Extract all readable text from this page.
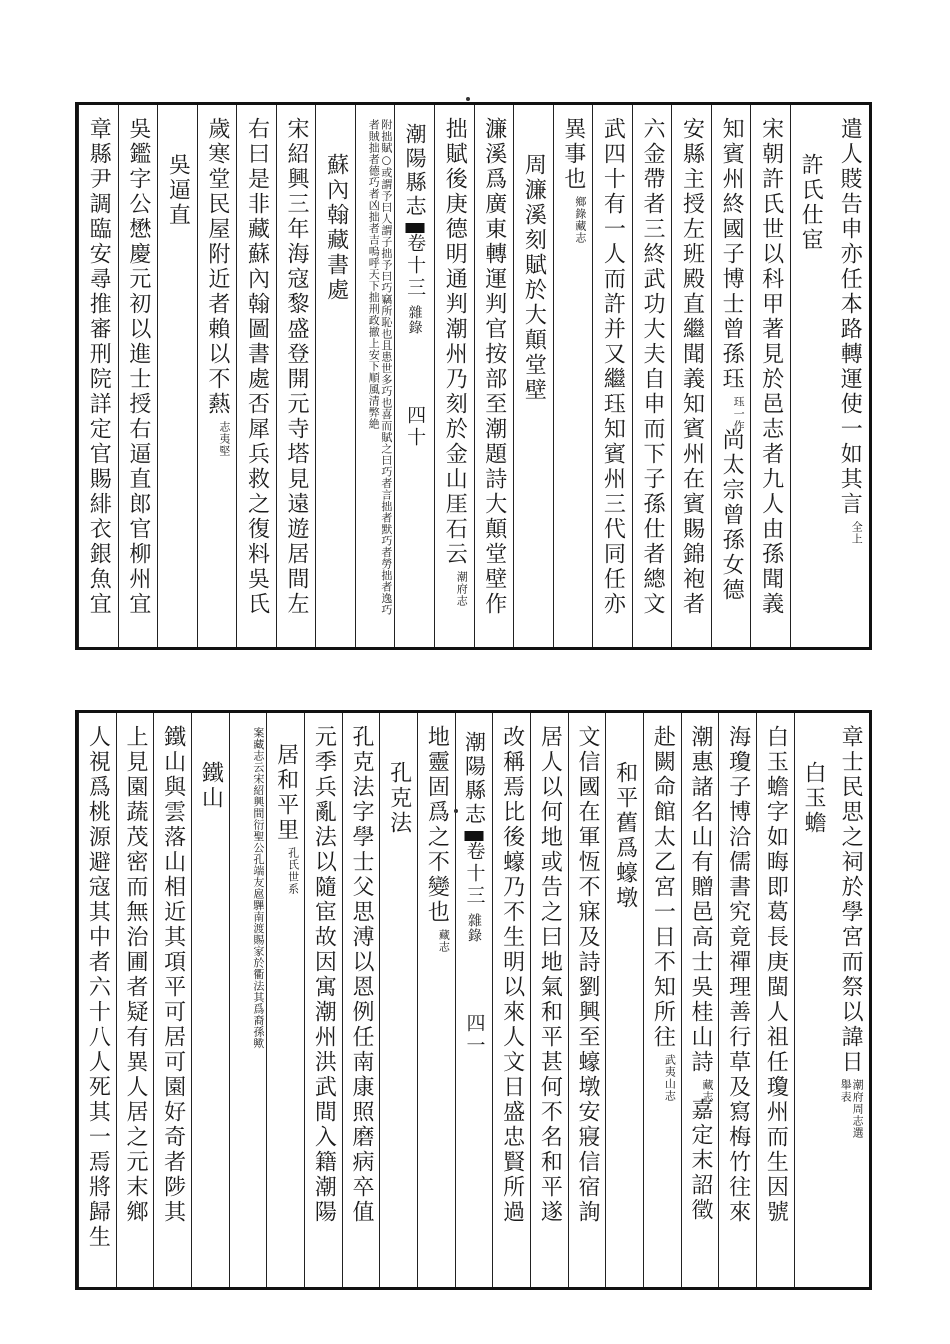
遣人䝸告申亦任本路轉運使一如其言
全上
許氏仕宦
宋朝許氏世以科甲著見於邑志者九人由孫聞義
知賓州終國子博士曾孫珏
珏一作
尚太宗曾孫女德
安縣主授左班殿直繼聞義知賓州在賓賜錦袍者
六金帶者三終武功大夫自申而下子孫仕者總文
武四十有一人而許并又繼珏知賓州三代同任亦
異事也
鄉錄藏志
周濂溪刻賦於大顛堂壁
濂溪爲廣東轉運判官按部至潮題詩大顛堂壁作
拙賦後庚德明通判潮州乃刻於金山厓石云
潮府志
潮陽縣志
卷十三
雜錄
四十
附拙賦○或謂予曰人謂子拙予曰巧竊所恥也且患世多巧也喜而賦之曰巧者言拙者默巧者勞拙者逸巧者賊拙者德巧者凶拙者吉嗚呼天下拙刑政撤上安下順風清弊絶
蘇內翰藏書處
宋紹興三年海寇黎盛登開元寺塔見遠遊居間左
右曰是非藏蘇內翰圖書處否犀兵救之復料吳氏
歲寒堂民屋附近者賴以不爇
志夷堅
吳逼直
吳鑑字公懋慶元初以進士授右逼直郎官柳州宜
章縣尹調臨安尋推審刑院詳定官賜緋衣銀魚宜
章士民思之祠於學宮而祭以諱日
潮府周志選舉表
白玉蟾
白玉蟾字如晦即葛長庚閩人祖任瓊州而生因號
海瓊子博洽儒書究竟禪理善行草及寫梅竹往來
潮惠諸名山有贈邑高士吳桂山詩
藏志
嘉定末詔徵
赴闕命館太乙宮一日不知所往
武夷山志
和平舊爲蠔墩
文信國在軍恆不寐及詩劉興至蠔墩安寢信宿詢
居人以何地或告之曰地氣和平甚何不名和平遂
改稱焉比後蠔乃不生明以來人文日盛忠賢所過
潮陽縣志
卷十三
雜錄
四一
地靈固爲之不變也
藏志
孔克法
孔克法字學士父思溥以恩例任南康照磨病卒值
元季兵亂法以隨宦故因寓潮州洪武間入籍潮陽
居和平里
孔氏世系
案藏志云宋紹興間衍聖公孔端友扈驆南渡賜家於衢法其爲裔孫歟
鐵山
鐵山與雲落山相近其項平可居可園好奇者陟其
上見園蔬茂密而無治圃者疑有異人居之元末鄉
人視爲桃源避寇其中者六十八人死其一焉將歸生
